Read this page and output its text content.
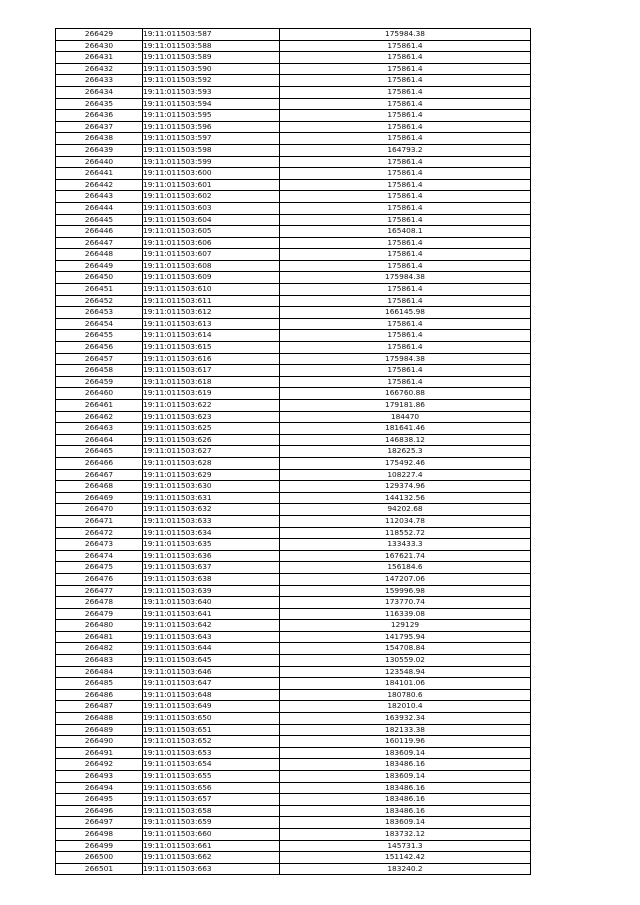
266429	19:11:011503:587	175984.38
266430	19:11:011503:588	175861.4
266431	19:11:011503:589	175861.4
266432	19:11:011503:590	175861.4
266433	19:11:011503:592	175861.4
266434	19:11:011503:593	175861.4
266435	19:11:011503:594	175861.4
266436	19:11:011503:595	175861.4
266437	19:11:011503:596	175861.4
266438	19:11:011503:597	175861.4
266439	19:11:011503:598	164793.2
266440	19:11:011503:599	175861.4
266441	19:11:011503:600	175861.4
266442	19:11:011503:601	175861.4
266443	19:11:011503:602	175861.4
266444	19:11:011503:603	175861.4
266445	19:11:011503:604	175861.4
266446	19:11:011503:605	165408.1
266447	19:11:011503:606	175861.4
266448	19:11:011503:607	175861.4
266449	19:11:011503:608	175861.4
266450	19:11:011503:609	175984.38
266451	19:11:011503:610	175861.4
266452	19:11:011503:611	175861.4
266453	19:11:011503:612	166145.98
266454	19:11:011503:613	175861.4
266455	19:11:011503:614	175861.4
266456	19:11:011503:615	175861.4
266457	19:11:011503:616	175984.38
266458	19:11:011503:617	175861.4
266459	19:11:011503:618	175861.4
266460	19:11:011503:619	166760.88
266461	19:11:011503:622	179181.86
266462	19:11:011503:623	184470
266463	19:11:011503:625	181641.46
266464	19:11:011503:626	146838.12
266465	19:11:011503:627	182625.3
266466	19:11:011503:628	175492.46
266467	19:11:011503:629	108227.4
266468	19:11:011503:630	129374.96
266469	19:11:011503:631	144132.56
266470	19:11:011503:632	94202.68
266471	19:11:011503:633	112034.78
266472	19:11:011503:634	118552.72
266473	19:11:011503:635	133433.3
266474	19:11:011503:636	167621.74
266475	19:11:011503:637	156184.6
266476	19:11:011503:638	147207.06
266477	19:11:011503:639	159996.98
266478	19:11:011503:640	173770.74
266479	19:11:011503:641	116339.08
266480	19:11:011503:642	129129
266481	19:11:011503:643	141795.94
266482	19:11:011503:644	154708.84
266483	19:11:011503:645	130559.02
266484	19:11:011503:646	123548.94
266485	19:11:011503:647	184101.06
266486	19:11:011503:648	180780.6
266487	19:11:011503:649	182010.4
266488	19:11:011503:650	163932.34
266489	19:11:011503:651	182133.38
266490	19:11:011503:652	160119.96
266491	19:11:011503:653	183609.14
266492	19:11:011503:654	183486.16
266493	19:11:011503:655	183609.14
266494	19:11:011503:656	183486.16
266495	19:11:011503:657	183486.16
266496	19:11:011503:658	183486.16
266497	19:11:011503:659	183609.14
266498	19:11:011503:660	183732.12
266499	19:11:011503:661	145731.3
266500	19:11:011503:662	151142.42
266501	19:11:011503:663	183240.2
